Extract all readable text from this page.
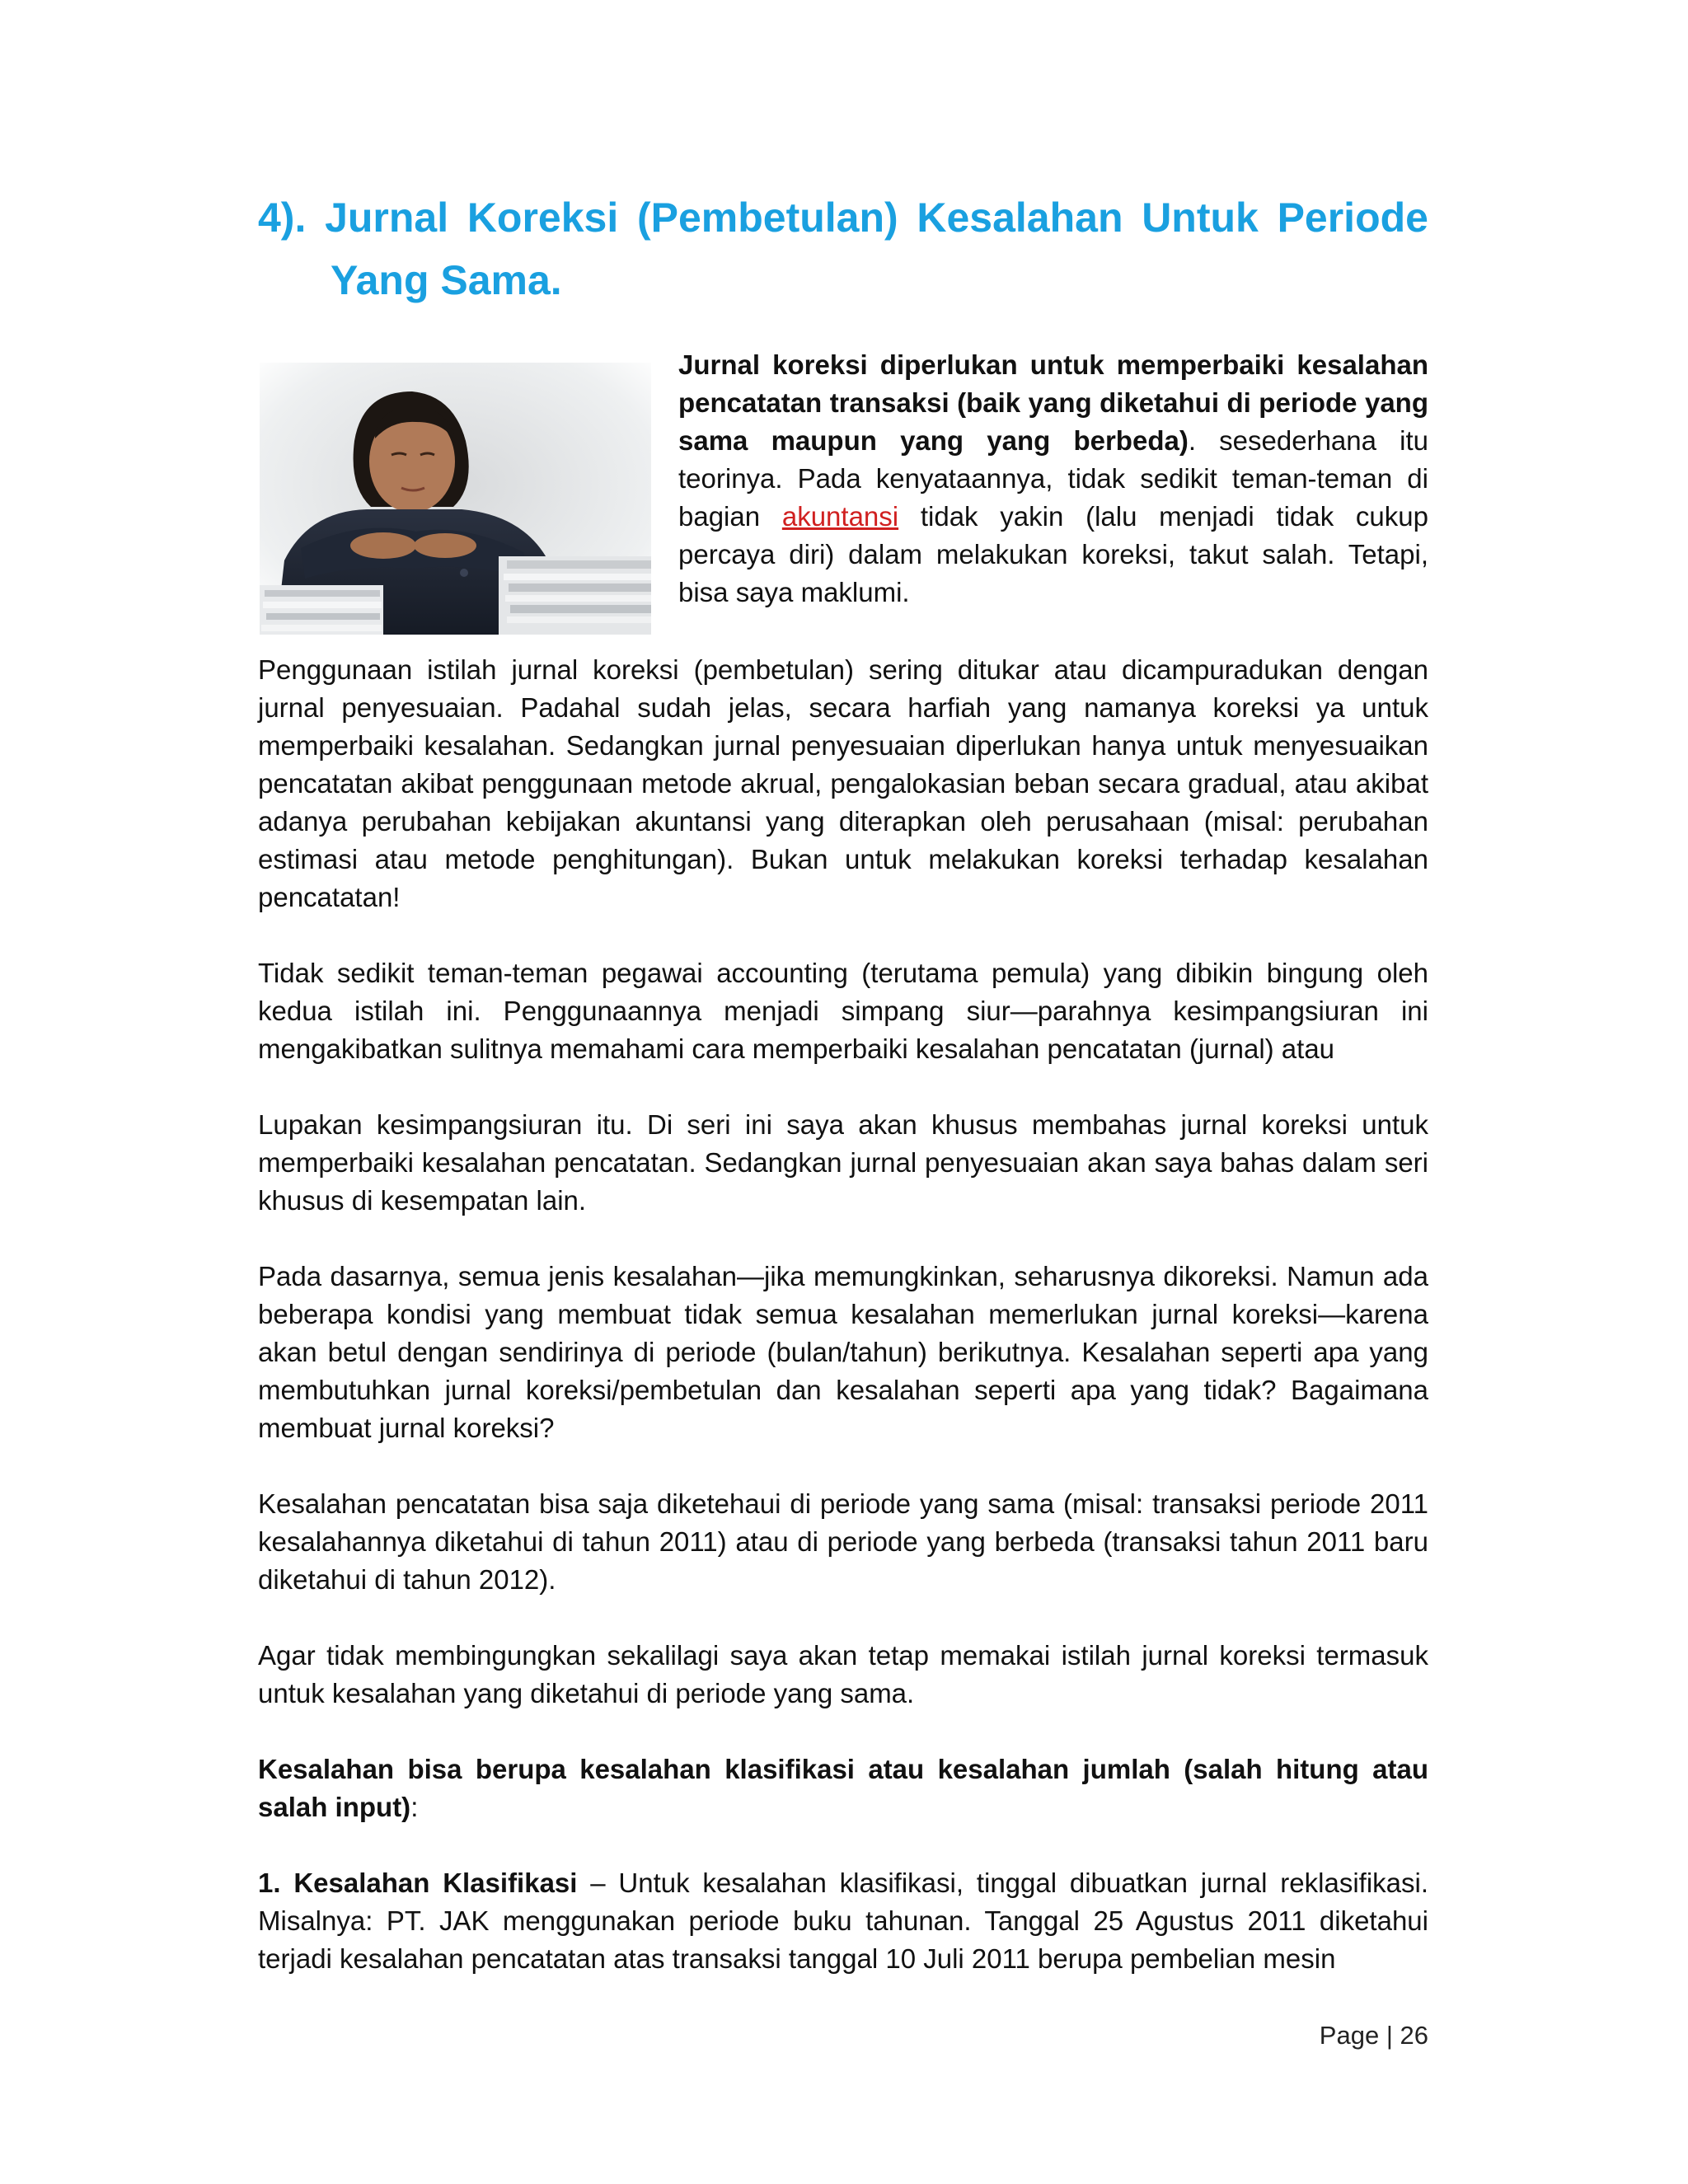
4). Jurnal Koreksi (Pembetulan) Kesalahan Untuk Periode
Yang Sama.
Jurnal koreksi diperlukan untuk memperbaiki kesalahan pencatatan transaksi (baik yang diketahui di periode yang sama maupun yang yang berbeda). sesederhana itu teorinya. Pada kenyataannya, tidak sedikit teman-teman di bagian akuntansi tidak yakin (lalu menjadi tidak cukup percaya diri) dalam melakukan koreksi, takut salah. Tetapi, bisa saya maklumi.

Penggunaan istilah jurnal koreksi (pembetulan) sering ditukar atau dicampuradukan dengan jurnal penyesuaian. Padahal sudah jelas, secara harfiah yang namanya koreksi ya untuk memperbaiki kesalahan. Sedangkan jurnal penyesuaian diperlukan hanya untuk menyesuaikan pencatatan akibat penggunaan metode akrual, pengalokasian beban secara gradual, atau akibat adanya perubahan kebijakan akuntansi yang diterapkan oleh perusahaan (misal: perubahan estimasi atau metode penghitungan). Bukan untuk melakukan koreksi terhadap kesalahan pencatatan!

Tidak sedikit teman-teman pegawai accounting (terutama pemula) yang dibikin bingung oleh kedua istilah ini. Penggunaannya menjadi simpang siur—parahnya kesimpangsiuran ini mengakibatkan sulitnya memahami cara memperbaiki kesalahan pencatatan (jurnal) atau

Lupakan kesimpangsiuran itu. Di seri ini saya akan khusus membahas jurnal koreksi untuk memperbaiki kesalahan pencatatan. Sedangkan jurnal penyesuaian akan saya bahas dalam seri khusus di kesempatan lain.

Pada dasarnya, semua jenis kesalahan—jika memungkinkan, seharusnya dikoreksi. Namun ada beberapa kondisi yang membuat tidak semua kesalahan memerlukan jurnal koreksi—karena akan betul dengan sendirinya di periode (bulan/tahun) berikutnya. Kesalahan seperti apa yang membutuhkan jurnal koreksi/pembetulan dan kesalahan seperti apa yang tidak? Bagaimana membuat jurnal koreksi?

Kesalahan pencatatan bisa saja diketehaui di periode yang sama (misal: transaksi periode 2011 kesalahannya diketahui di tahun 2011) atau di periode yang berbeda (transaksi tahun 2011 baru diketahui di tahun 2012).

Agar tidak membingungkan sekalilagi saya akan tetap memakai istilah jurnal koreksi termasuk untuk kesalahan yang diketahui di periode yang sama.

Kesalahan bisa berupa kesalahan klasifikasi atau kesalahan jumlah (salah hitung atau salah input):

1. Kesalahan Klasifikasi – Untuk kesalahan klasifikasi, tinggal dibuatkan jurnal reklasifikasi. Misalnya: PT. JAK menggunakan periode buku tahunan. Tanggal 25 Agustus 2011 diketahui terjadi kesalahan pencatatan atas transaksi tanggal 10 Juli 2011 berupa pembelian mesin

Page | 26
